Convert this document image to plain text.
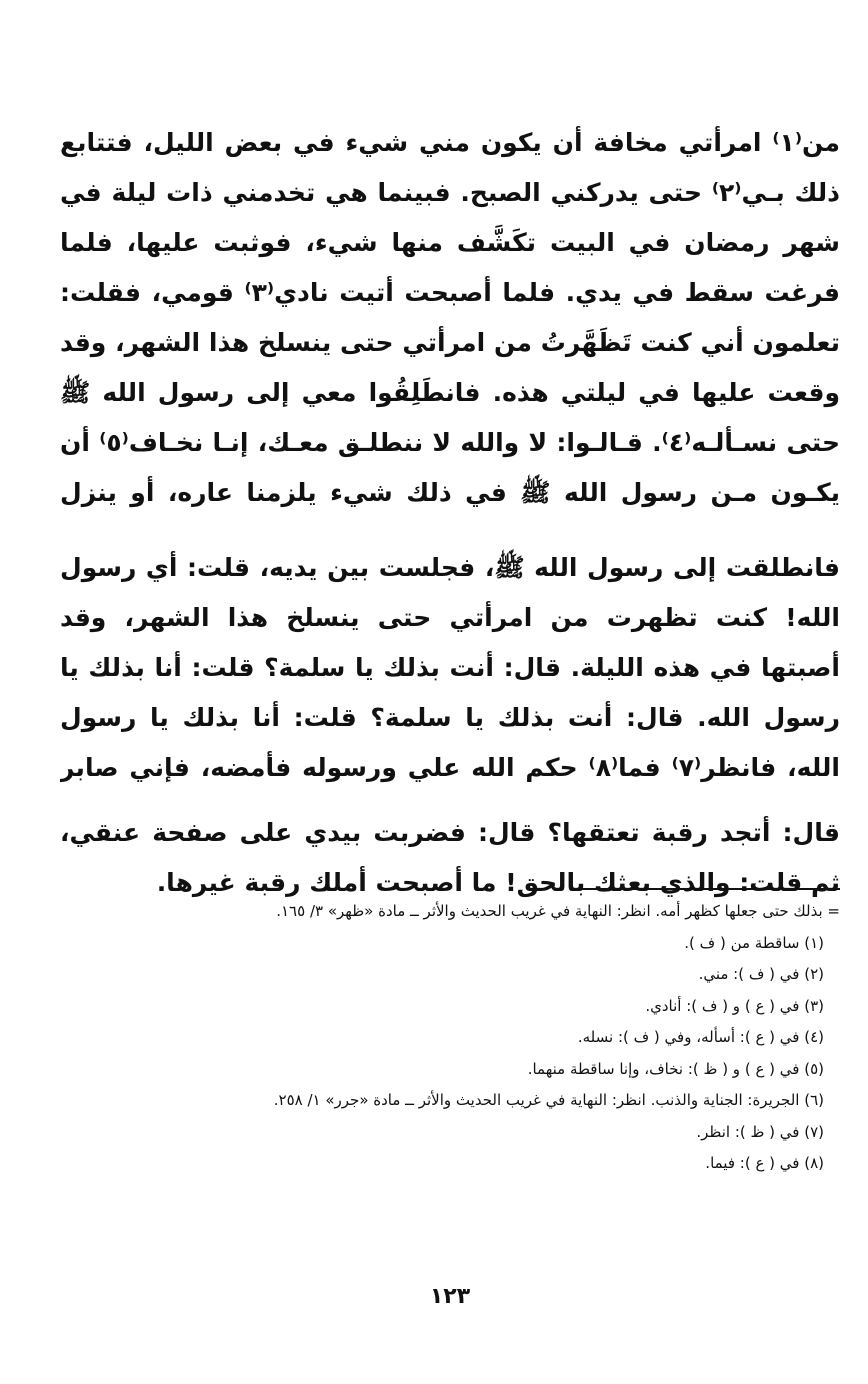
من⁽١⁾ امرأتي مخافة أن يكون مني شيء في بعض الليل، فتتابع ذلك بـي⁽٢⁾ حتى يدركني الصبح. فبينما هي تخدمني ذات ليلة في شهر رمضان في البيت تكَشَّف منها شيء، فوثبت عليها، فلما فرغت سقط في يدي. فلما أصبحت أتيت نادي⁽٣⁾ قومي، فقلت: تعلمون أني كنت تَظَهَّرتُ من امرأتي حتى ينسلخ هذا الشهر، وقد وقعت عليها في ليلتي هذه. فانطَلِقُوا معي إلى رسول الله ﷺ حتى نسـألـه⁽٤⁾. قـالـوا: لا والله لا ننطلـق معـك، إنـا نخـاف⁽٥⁾ أن يكـون مـن رسول الله ﷺ في ذلك شيء يلزمنا عاره، أو ينزل

فانطلقت إلى رسول الله ﷺ، فجلست بين يديه، قلت: أي رسول الله! كنت تظهرت من امرأتي حتى ينسلخ هذا الشهر، وقد أصبتها في هذه الليلة. قال: أنت بذلك يا سلمة؟ قلت: أنا بذلك يا رسول الله. قال: أنت بذلك يا سلمة؟ قلت: أنا بذلك يا رسول الله، فانظر⁽٧⁾ فما⁽٨⁾ حكم الله علي ورسوله فأمضه، فإني صابر

قال: أتجد رقبة تعتقها؟ قال: فضربت بيدي على صفحة عنقي، ثم قلت: والذي بعثك بالحق! ما أصبحت أملك رقبة غيرها.

= بذلك حتى جعلها كظهر أمه. انظر: النهاية في غريب الحديث والأثر ــ مادة «ظهر» ٣/ ١٦٥.
(١) ساقطة من ( ف ).
(٢) في ( ف ): مني.
(٣) في ( ع ) و ( ف ): أنادي.
(٤) في ( ع ): أسأله، وفي ( ف ): نسله.
(٥) في ( ع ) و ( ظ ): نخاف، وإنا ساقطة منهما.
(٦) الجريرة: الجناية والذنب. انظر: النهاية في غريب الحديث والأثر ــ مادة «جرر» ١/ ٢٥٨.
(٧) في ( ظ ): انظر.
(٨) في ( ع ): فيما.
١٢٣
